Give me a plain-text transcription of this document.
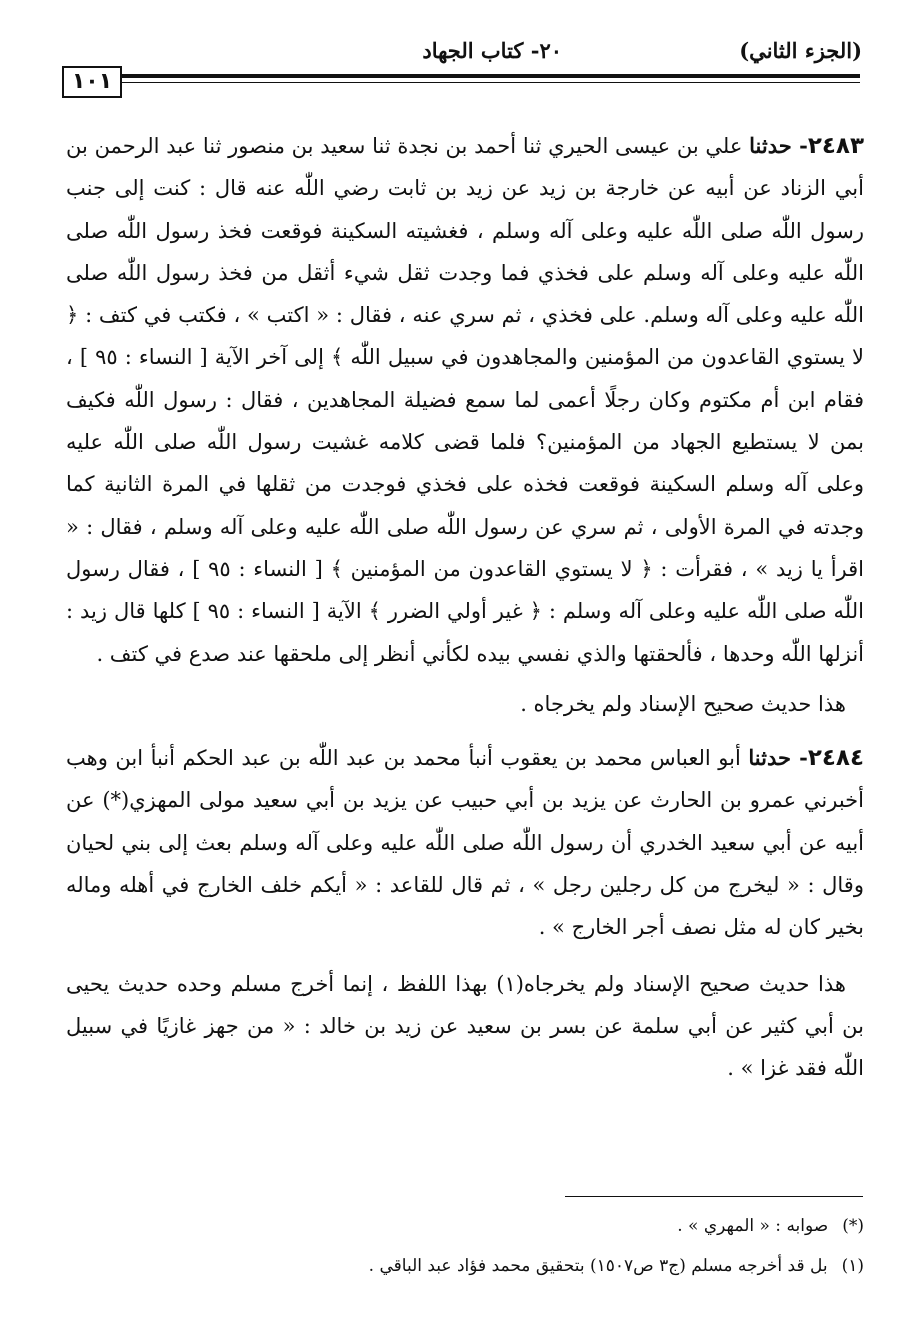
(الجزء الثاني)
٢٠- كتاب الجهاد
١٠١

٢٤٨٣- حدثنا علي بن عيسى الحيري ثنا أحمد بن نجدة ثنا سعيد بن منصور ثنا عبد الرحمن بن أبي الزناد عن أبيه عن خارجة بن زيد عن زيد بن ثابت رضي اللّٰه عنه قال : كنت إلى جنب رسول اللّٰه صلى اللّٰه عليه وعلى آله وسلم ، فغشيته السكينة فوقعت فخذ رسول اللّٰه صلى اللّٰه عليه وعلى آله وسلم على فخذي فما وجدت ثقل شيء أثقل من فخذ رسول اللّٰه صلى اللّٰه عليه وعلى آله وسلم. على فخذي ، ثم سري عنه ، فقال : « اكتب » ، فكتب في كتف : ﴿ لا يستوي القاعدون من المؤمنين والمجاهدون في سبيل اللّٰه ﴾ إلى آخر الآية [ النساء : ٩٥ ] ، فقام ابن أم مكتوم وكان رجلًا أعمى لما سمع فضيلة المجاهدين ، فقال : رسول اللّٰه فكيف بمن لا يستطيع الجهاد من المؤمنين؟ فلما قضى كلامه غشيت رسول اللّٰه صلى اللّٰه عليه وعلى آله وسلم السكينة فوقعت فخذه على فخذي فوجدت من ثقلها في المرة الثانية كما وجدته في المرة الأولى ، ثم سري عن رسول اللّٰه صلى اللّٰه عليه وعلى آله وسلم ، فقال : « اقرأ يا زيد » ، فقرأت : ﴿ لا يستوي القاعدون من المؤمنين ﴾ [ النساء : ٩٥ ] ، فقال رسول اللّٰه صلى اللّٰه عليه وعلى آله وسلم : ﴿ غير أولي الضرر ﴾ الآية [ النساء : ٩٥ ] كلها قال زيد : أنزلها اللّٰه وحدها ، فألحقتها والذي نفسي بيده لكأني أنظر إلى ملحقها عند صدع في كتف .

هذا حديث صحيح الإسناد ولم يخرجاه .

٢٤٨٤- حدثنا أبو العباس محمد بن يعقوب أنبأ محمد بن عبد اللّٰه بن عبد الحكم أنبأ ابن وهب أخبرني عمرو بن الحارث عن يزيد بن أبي حبيب عن يزيد بن أبي سعيد مولى المهزي(*) عن أبيه عن أبي سعيد الخدري أن رسول اللّٰه صلى اللّٰه عليه وعلى آله وسلم بعث إلى بني لحيان وقال : « ليخرج من كل رجلين رجل » ، ثم قال للقاعد : « أيكم خلف الخارج في أهله وماله بخير كان له مثل نصف أجر الخارج » .

هذا حديث صحيح الإسناد ولم يخرجاه(١) بهذا اللفظ ، إنما أخرج مسلم وحده حديث يحيى بن أبي كثير عن أبي سلمة عن بسر بن سعيد عن زيد بن خالد : « من جهز غازيًا في سبيل اللّٰه فقد غزا » .

(*)صوابه : « المهري » .

(١)بل قد أخرجه مسلم (ج٣ ص١٥٠٧) بتحقيق محمد فؤاد عبد الباقي .
